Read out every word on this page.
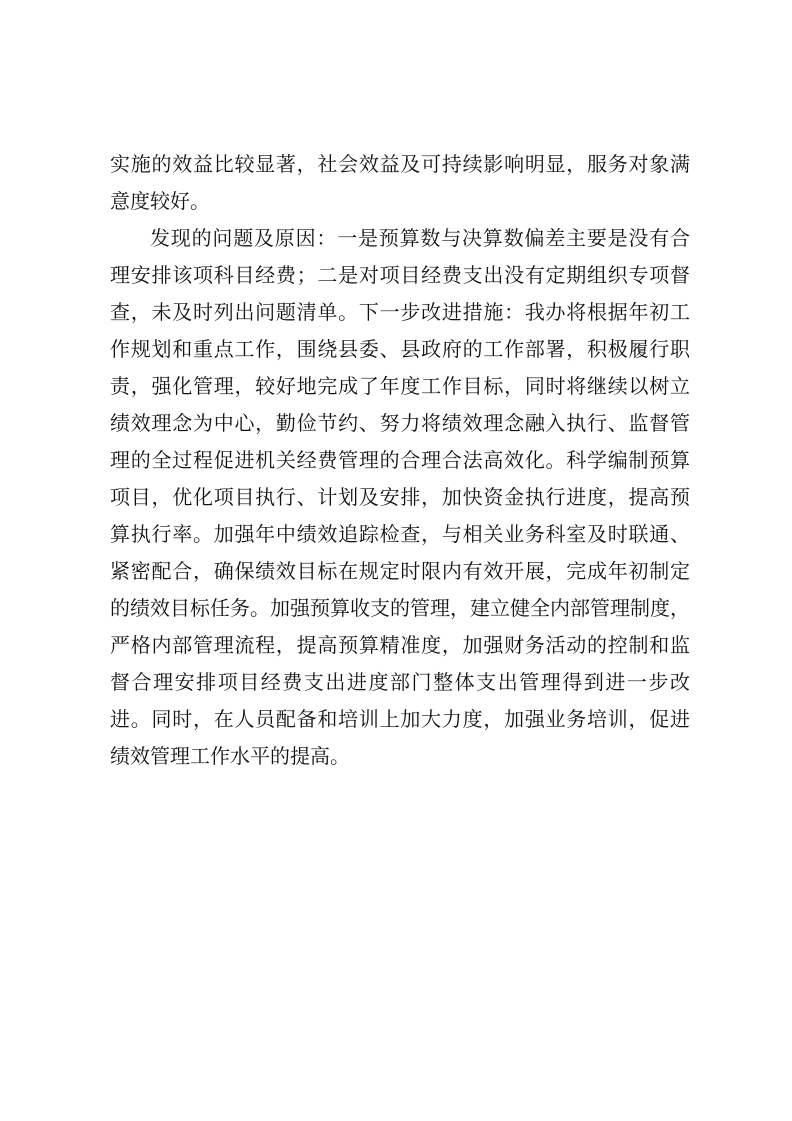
实施的效益比较显著，社会效益及可持续影响明显，服务对象满
意度较好。
发现的问题及原因：一是预算数与决算数偏差主要是没有合
理安排该项科目经费；二是对项目经费支出没有定期组织专项督
查，未及时列出问题清单。下一步改进措施：我办将根据年初工
作规划和重点工作，围绕县委、县政府的工作部署，积极履行职
责，强化管理，较好地完成了年度工作目标，同时将继续以树立
绩效理念为中心，勤俭节约、努力将绩效理念融入执行、监督管
理的全过程促进机关经费管理的合理合法高效化。科学编制预算
项目，优化项目执行、计划及安排，加快资金执行进度，提高预
算执行率。加强年中绩效追踪检查，与相关业务科室及时联通、
紧密配合，确保绩效目标在规定时限内有效开展，完成年初制定
的绩效目标任务。加强预算收支的管理，建立健全内部管理制度，
严格内部管理流程，提高预算精准度，加强财务活动的控制和监
督合理安排项目经费支出进度部门整体支出管理得到进一步改
进。同时，在人员配备和培训上加大力度，加强业务培训，促进
绩效管理工作水平的提高。
